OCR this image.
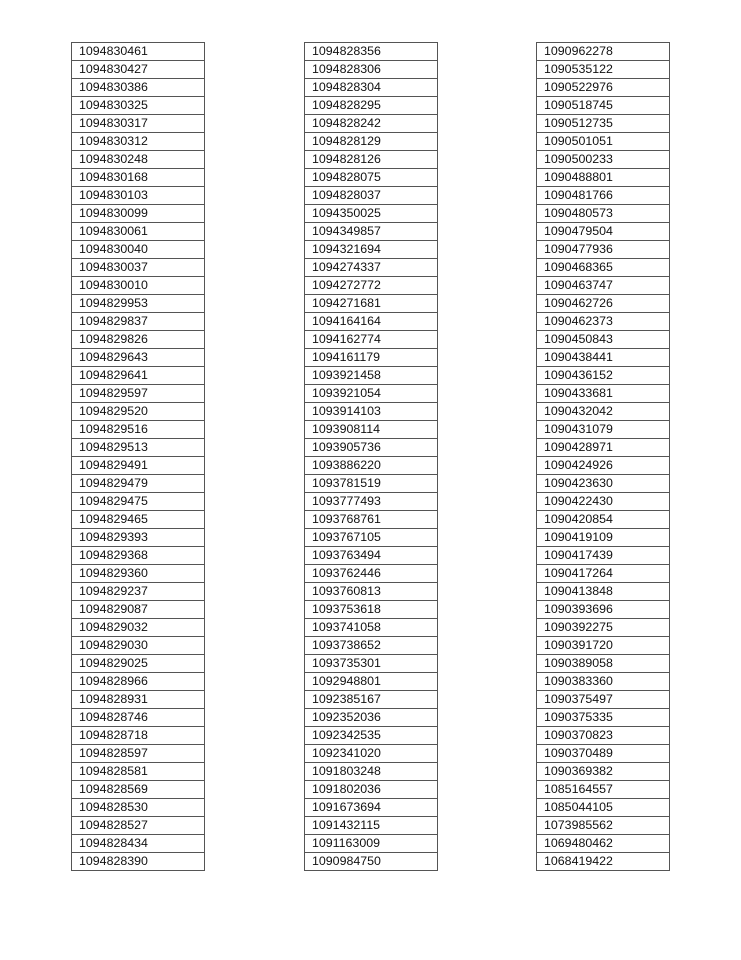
1094830461
1094830427
1094830386
1094830325
1094830317
1094830312
1094830248
1094830168
1094830103
1094830099
1094830061
1094830040
1094830037
1094830010
1094829953
1094829837
1094829826
1094829643
1094829641
1094829597
1094829520
1094829516
1094829513
1094829491
1094829479
1094829475
1094829465
1094829393
1094829368
1094829360
1094829237
1094829087
1094829032
1094829030
1094829025
1094828966
1094828931
1094828746
1094828718
1094828597
1094828581
1094828569
1094828530
1094828527
1094828434
1094828390
1094828356
1094828306
1094828304
1094828295
1094828242
1094828129
1094828126
1094828075
1094828037
1094350025
1094349857
1094321694
1094274337
1094272772
1094271681
1094164164
1094162774
1094161179
1093921458
1093921054
1093914103
1093908114
1093905736
1093886220
1093781519
1093777493
1093768761
1093767105
1093763494
1093762446
1093760813
1093753618
1093741058
1093738652
1093735301
1092948801
1092385167
1092352036
1092342535
1092341020
1091803248
1091802036
1091673694
1091432115
1091163009
1090984750
1090962278
1090535122
1090522976
1090518745
1090512735
1090501051
1090500233
1090488801
1090481766
1090480573
1090479504
1090477936
1090468365
1090463747
1090462726
1090462373
1090450843
1090438441
1090436152
1090433681
1090432042
1090431079
1090428971
1090424926
1090423630
1090422430
1090420854
1090419109
1090417439
1090417264
1090413848
1090393696
1090392275
1090391720
1090389058
1090383360
1090375497
1090375335
1090370823
1090370489
1090369382
1085164557
1085044105
1073985562
1069480462
1068419422
